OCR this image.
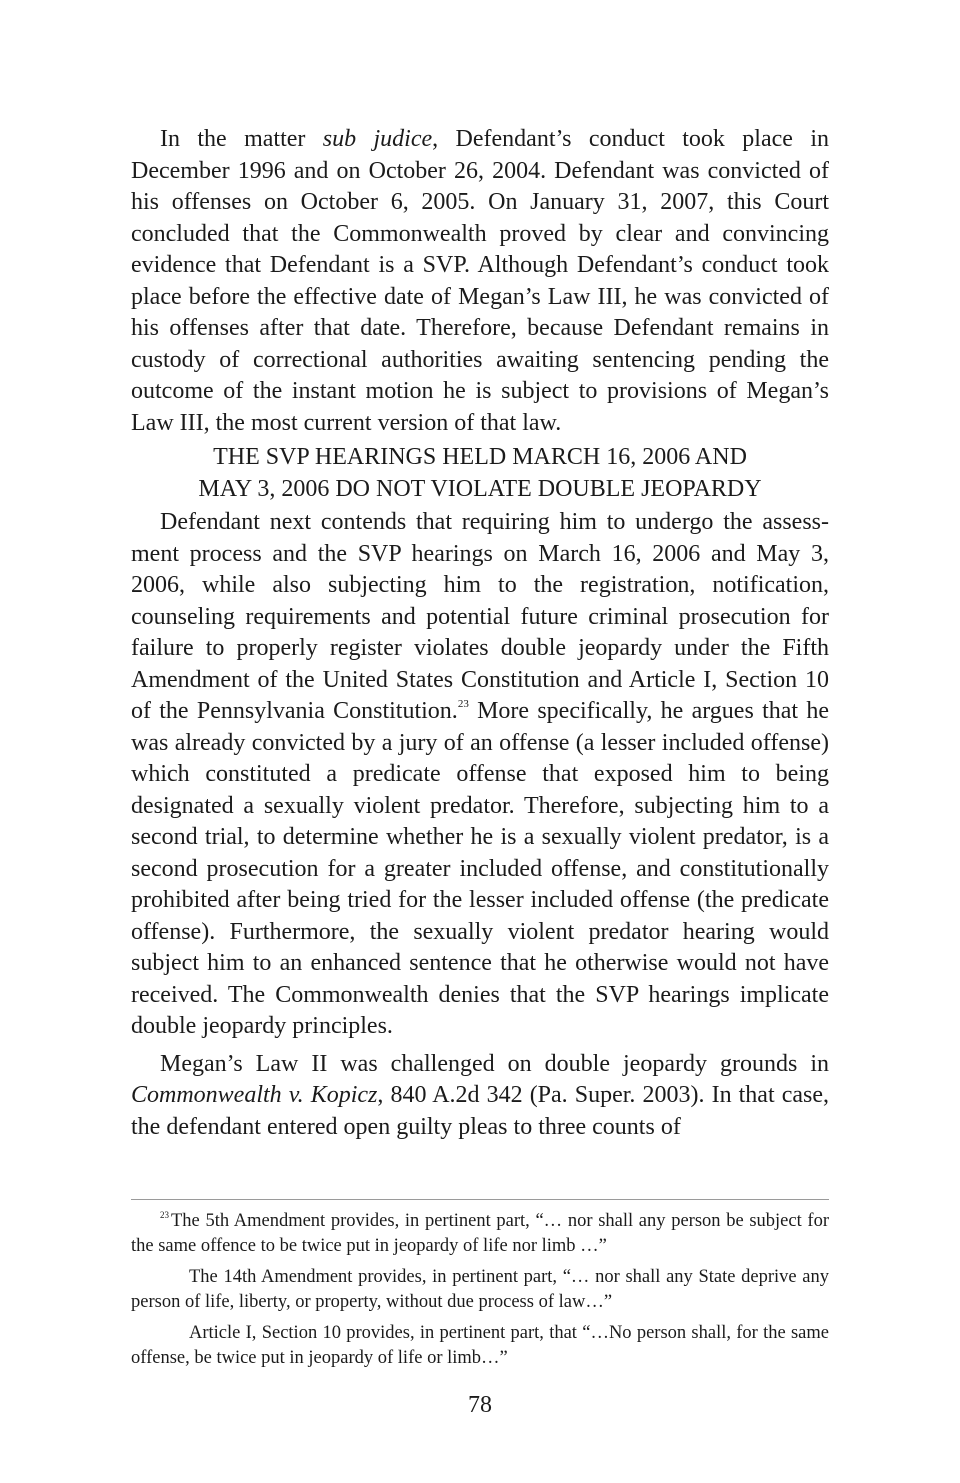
In the matter sub judice, Defendant’s conduct took place in December 1996 and on October 26, 2004. Defendant was convicted of his offenses on October 6, 2005. On January 31, 2007, this Court concluded that the Commonwealth proved by clear and convincing evidence that Defendant is a SVP. Although Defendant’s conduct took place before the effective date of Megan’s Law III, he was convicted of his offenses after that date. Therefore, because Defendant remains in custody of correctional authorities awaiting sentencing pending the outcome of the instant motion he is subject to provisions of Megan’s Law III, the most current version of that law.

THE SVP HEARINGS HELD MARCH 16, 2006 AND
MAY 3, 2006 DO NOT VIOLATE DOUBLE JEOPARDY

Defendant next contends that requiring him to undergo the assessment process and the SVP hearings on March 16, 2006 and May 3, 2006, while also subjecting him to the registration, notification, counseling requirements and potential future criminal prosecution for failure to properly register violates double jeopardy under the Fifth Amendment of the United States Constitution and Article I, Section 10 of the Pennsylvania Constitution.$^{23}$ More specifically, he argues that he was already convicted by a jury of an offense (a lesser included offense) which constituted a predicate offense that exposed him to being designated a sexually violent predator. Therefore, subjecting him to a second trial, to determine whether he is a sexually violent predator, is a second prosecution for a greater included offense, and constitutionally prohibited after being tried for the lesser included offense (the predicate offense). Furthermore, the sexually violent predator hearing would subject him to an enhanced sentence that he otherwise would not have received. The Commonwealth denies that the SVP hearings implicate double jeopardy principles.

Megan’s Law II was challenged on double jeopardy grounds in Commonwealth v. Kopicz, 840 A.2d 342 (Pa. Super. 2003). In that case, the defendant entered open guilty pleas to three counts of

$^{23}$ The 5th Amendment provides, in pertinent part, “… nor shall any person be subject for the same offence to be twice put in jeopardy of life nor limb …”

The 14th Amendment provides, in pertinent part, “… nor shall any State deprive any person of life, liberty, or property, without due process of law…”

Article I, Section 10 provides, in pertinent part, that “…No person shall, for the same offense, be twice put in jeopardy of life or limb…”

78
